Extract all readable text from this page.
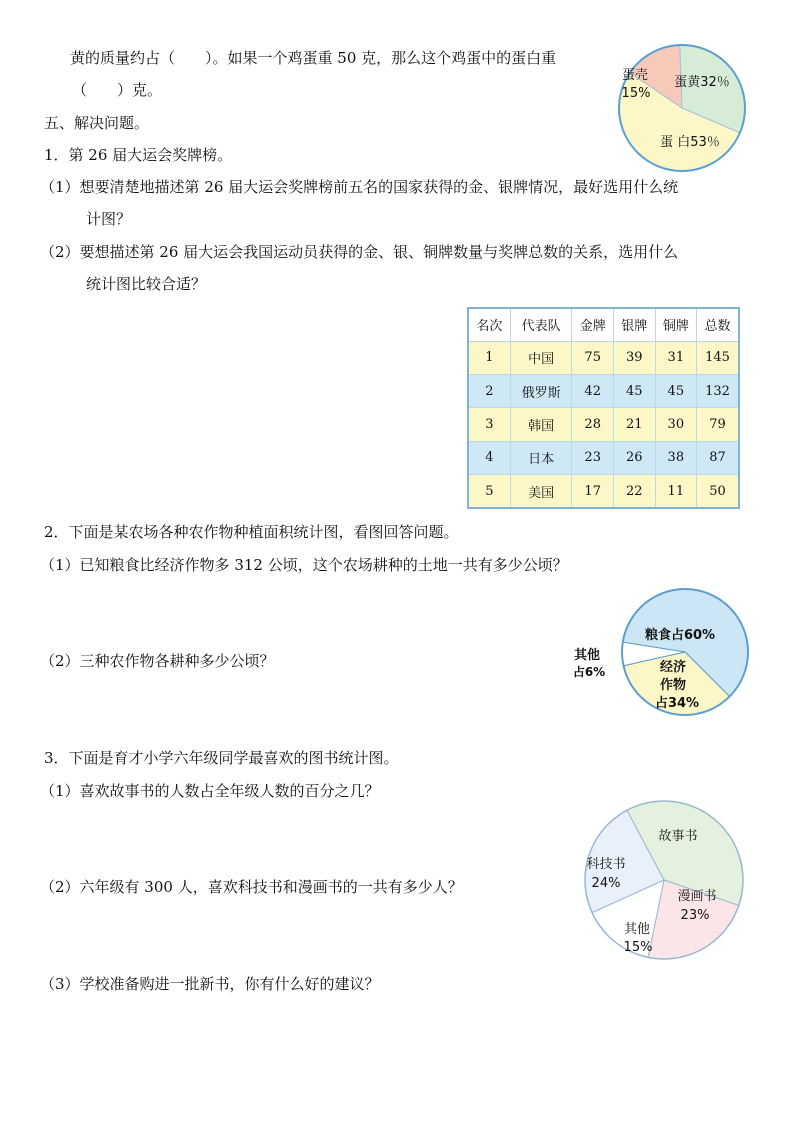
黄的质量约占（　　）。如果一个鸡蛋重 50 克，那么这个鸡蛋中的蛋白重
（　　）克。
五、解决问题。
1．第 26 届大运会奖牌榜。
（1）想要清楚地描述第 26 届大运会奖牌榜前五名的国家获得的金、银牌情况，最好选用什么统
计图？
（2）要想描述第 26 届大运会我国运动员获得的金、银、铜牌数量与奖牌总数的关系，选用什么
统计图比较合适？
2．下面是某农场各种农作物种植面积统计图，看图回答问题。
（1）已知粮食比经济作物多 312 公顷，这个农场耕种的土地一共有多少公顷？
（2）三种农作物各耕种多少公顷？
3．下面是育才小学六年级同学最喜欢的图书统计图。
（1）喜欢故事书的人数占全年级人数的百分之几？
（2）六年级有 300 人，喜欢科技书和漫画书的一共有多少人？
（3）学校准备购进一批新书，你有什么好的建议？
蛋壳
15%
蛋黄32％
蛋 白53％
名次	代表队	金牌	银牌	铜牌	总数
1	中国	75	39	31	145
2	俄罗斯	42	45	45	132
3	韩国	28	21	30	79
4	日本	23	26	38	87
5	美国	17	22	11	50
粮食占60%
其他
占6%	经济
作物
占34%
故事书
科技书
24%
漫画书
23%
其他
15%
